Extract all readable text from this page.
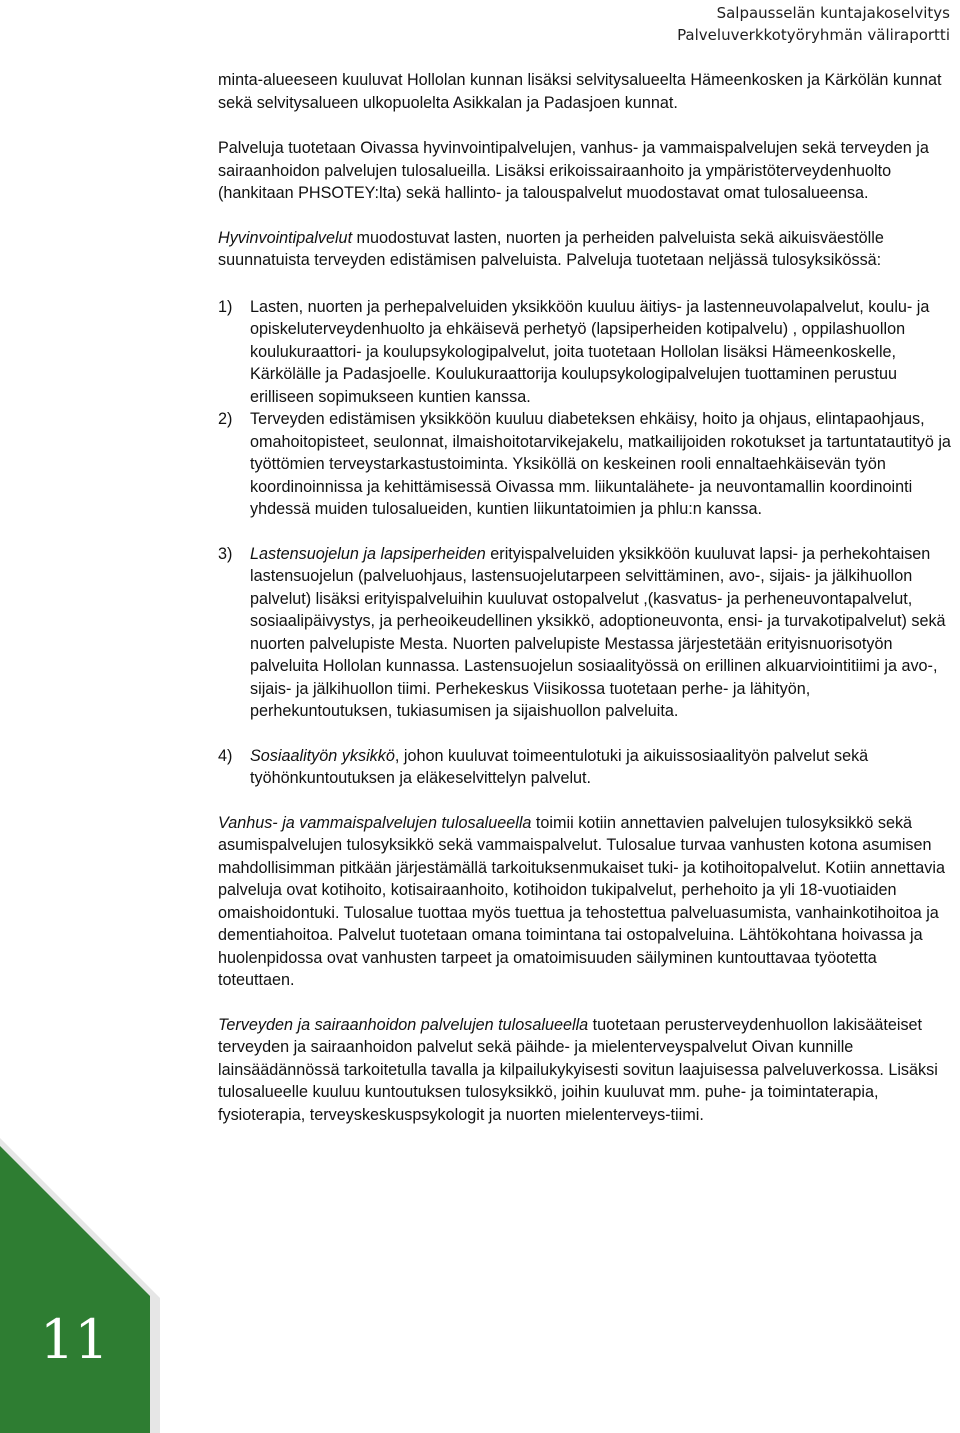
Salpausselän kuntajakoselvitys
Palveluverkkotyöryhmän väliraportti

minta-alueeseen kuuluvat Hollolan kunnan lisäksi selvitysalueelta Hämeenkosken ja Kärkölän kunnat sekä selvitysalueen ulkopuolelta Asikkalan ja Padasjoen kunnat.

Palveluja tuotetaan Oivassa hyvinvointipalvelujen, vanhus- ja vammaispalvelujen sekä terveyden ja sairaanhoidon palvelujen tulosalueilla. Lisäksi erikoissairaanhoito ja ympäristöterveydenhuolto (hankitaan PHSOTEY:lta) sekä hallinto- ja talouspalvelut muodostavat omat tulosalueensa.

Hyvinvointipalvelut muodostuvat lasten, nuorten ja perheiden palveluista sekä aikuisväestölle suunnatuista terveyden edistämisen palveluista. Palveluja tuotetaan neljässä tulosyksikössä:

1) Lasten, nuorten ja perhepalveluiden yksikköön kuuluu äitiys- ja lastenneuvolapalvelut, koulu- ja opiskeluterveydenhuolto ja ehkäisevä perhetyö (lapsiperheiden kotipalvelu) , oppilashuollon koulukuraattori- ja koulupsykologipalvelut, joita tuotetaan Hollolan lisäksi Hämeenkoskelle, Kärkölälle ja Padasjoelle. Koulukuraattorija koulupsykologipalvelujen tuottaminen perustuu erilliseen sopimukseen kuntien kanssa.
2) Terveyden edistämisen yksikköön kuuluu diabeteksen ehkäisy, hoito ja ohjaus, elintapaohjaus, omahoitopisteet, seulonnat, ilmaishoitotarvikejakelu, matkailijoiden rokotukset ja tartuntatautityö ja työttömien terveystarkastustoiminta. Yksiköllä on keskeinen rooli ennaltaehkäisevän työn koordinoinnissa ja kehittämisessä Oivassa mm. liikuntalähete- ja neuvontamallin koordinointi yhdessä muiden tulosalueiden, kuntien liikuntatoimien ja phlu:n kanssa.
3) Lastensuojelun ja lapsiperheiden erityispalveluiden yksikköön kuuluvat lapsi- ja perhekohtaisen lastensuojelun (palveluohjaus, lastensuojelutarpeen selvittäminen, avo-, sijais- ja jälkihuollon palvelut) lisäksi erityispalveluihin kuuluvat ostopalvelut ,(kasvatus- ja perheneuvontapalvelut, sosiaalipäivystys, ja perheoikeudellinen yksikkö, adoptioneuvonta, ensi- ja turvakotipalvelut) sekä nuorten palvelupiste Mesta. Nuorten palvelupiste Mestassa järjestetään erityisnuorisotyön palveluita Hollolan kunnassa. Lastensuojelun sosiaalityössä on erillinen alkuarviointitiimi ja avo-, sijais- ja jälkihuollon tiimi. Perhekeskus Viisikossa tuotetaan perhe- ja lähityön, perhekuntoutuksen, tukiasumisen ja sijaishuollon palveluita.
4) Sosiaalityön yksikkö, johon kuuluvat toimeentulotuki ja aikuissosiaalityön palvelut sekä työhönkuntoutuksen ja eläkeselvittelyn palvelut.

Vanhus- ja vammaispalvelujen tulosalueella toimii kotiin annettavien palvelujen tulosyksikkö sekä asumispalvelujen tulosyksikkö sekä vammaispalvelut. Tulosalue turvaa vanhusten kotona asumisen mahdollisimman pitkään järjestämällä tarkoituksenmukaiset tuki- ja kotihoitopalvelut. Kotiin annettavia palveluja ovat kotihoito, kotisairaanhoito, kotihoidon tukipalvelut, perhehoito ja yli 18-vuotiaiden omaishoidontuki. Tulosalue tuottaa myös tuettua ja tehostettua palveluasumista, vanhainkotihoitoa ja dementiahoitoa. Palvelut tuotetaan omana toimintana tai ostopalveluina. Lähtökohtana hoivassa ja huolenpidossa ovat vanhusten tarpeet ja omatoimisuuden säilyminen kuntouttavaa työotetta toteuttaen.

Terveyden ja sairaanhoidon palvelujen tulosalueella tuotetaan perusterveydenhuollon lakisääteiset terveyden ja sairaanhoidon palvelut sekä päihde- ja mielenterveyspalvelut Oivan kunnille lainsäädännössä tarkoitetulla tavalla ja kilpailukykyisesti sovitun laajuisessa palveluverkossa. Lisäksi tulosalueelle kuuluu kuntoutuksen tulosyksikkö, joihin kuuluvat mm. puhe- ja toimintaterapia, fysioterapia, terveyskeskuspsykologit ja nuorten mielenterveys-tiimi.

11
